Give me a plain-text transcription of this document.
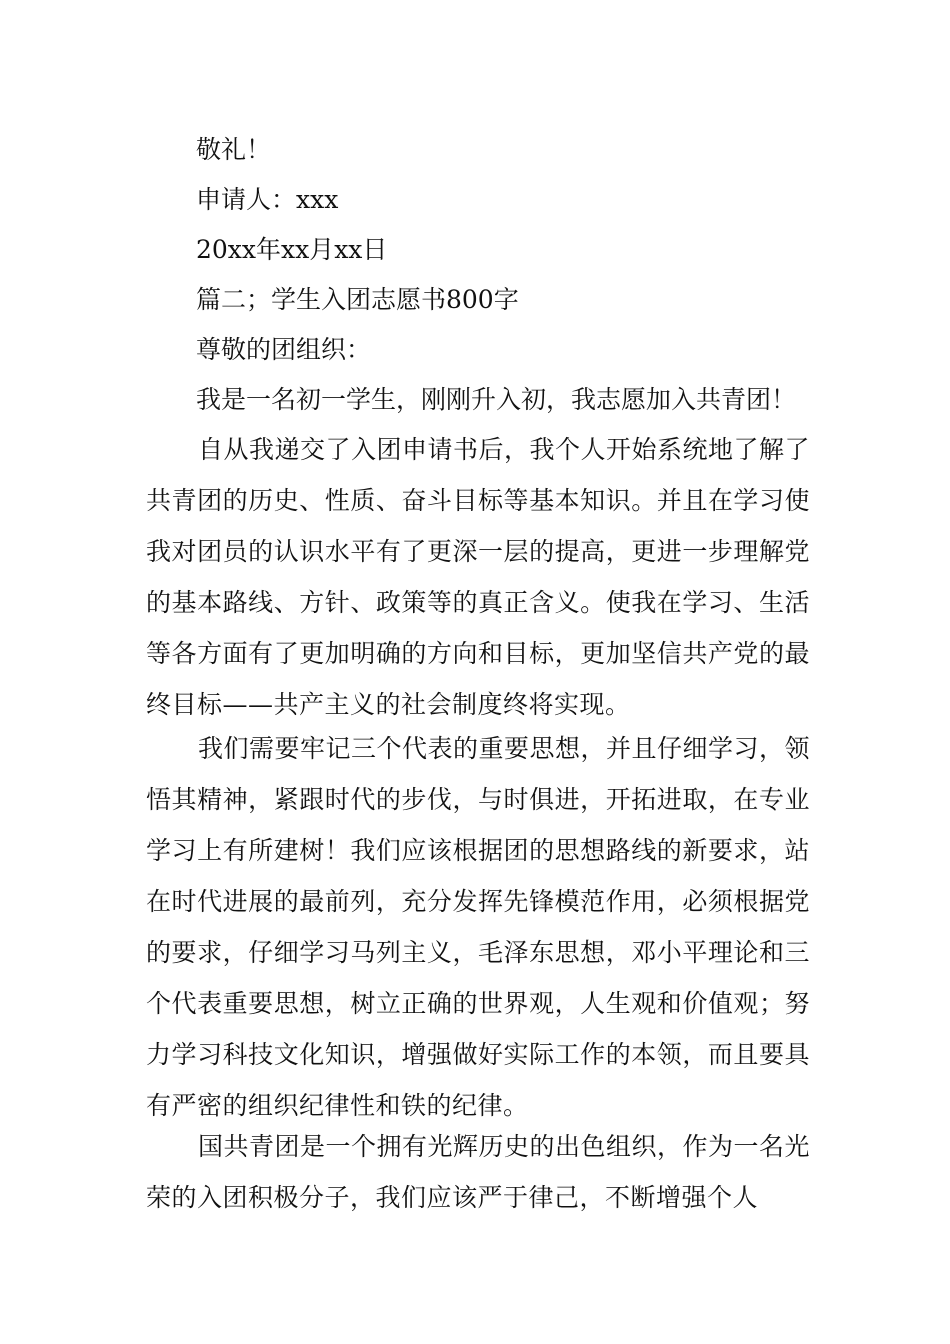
敬礼！
申请人：xxx
20xx年xx月xx日
篇二；学生入团志愿书800字
尊敬的团组织：
我是一名初一学生，刚刚升入初，我志愿加入共青团！

自从我递交了入团申请书后，我个人开始系统地了解了共青团的历史、性质、奋斗目标等基本知识。并且在学习使我对团员的认识水平有了更深一层的提高，更进一步理解党的基本路线、方针、政策等的真正含义。使我在学习、生活等各方面有了更加明确的方向和目标，更加坚信共产党的最终目标——共产主义的社会制度终将实现。

我们需要牢记三个代表的重要思想，并且仔细学习，领悟其精神，紧跟时代的步伐，与时俱进，开拓进取，在专业学习上有所建树！我们应该根据团的思想路线的新要求，站在时代进展的最前列，充分发挥先锋模范作用，必须根据党的要求，仔细学习马列主义，毛泽东思想，邓小平理论和三个代表重要思想，树立正确的世界观，人生观和价值观；努力学习科技文化知识，增强做好实际工作的本领，而且要具有严密的组织纪律性和铁的纪律。

国共青团是一个拥有光辉历史的出色组织，作为一名光荣的入团积极分子，我们应该严于律己，不断增强个人
